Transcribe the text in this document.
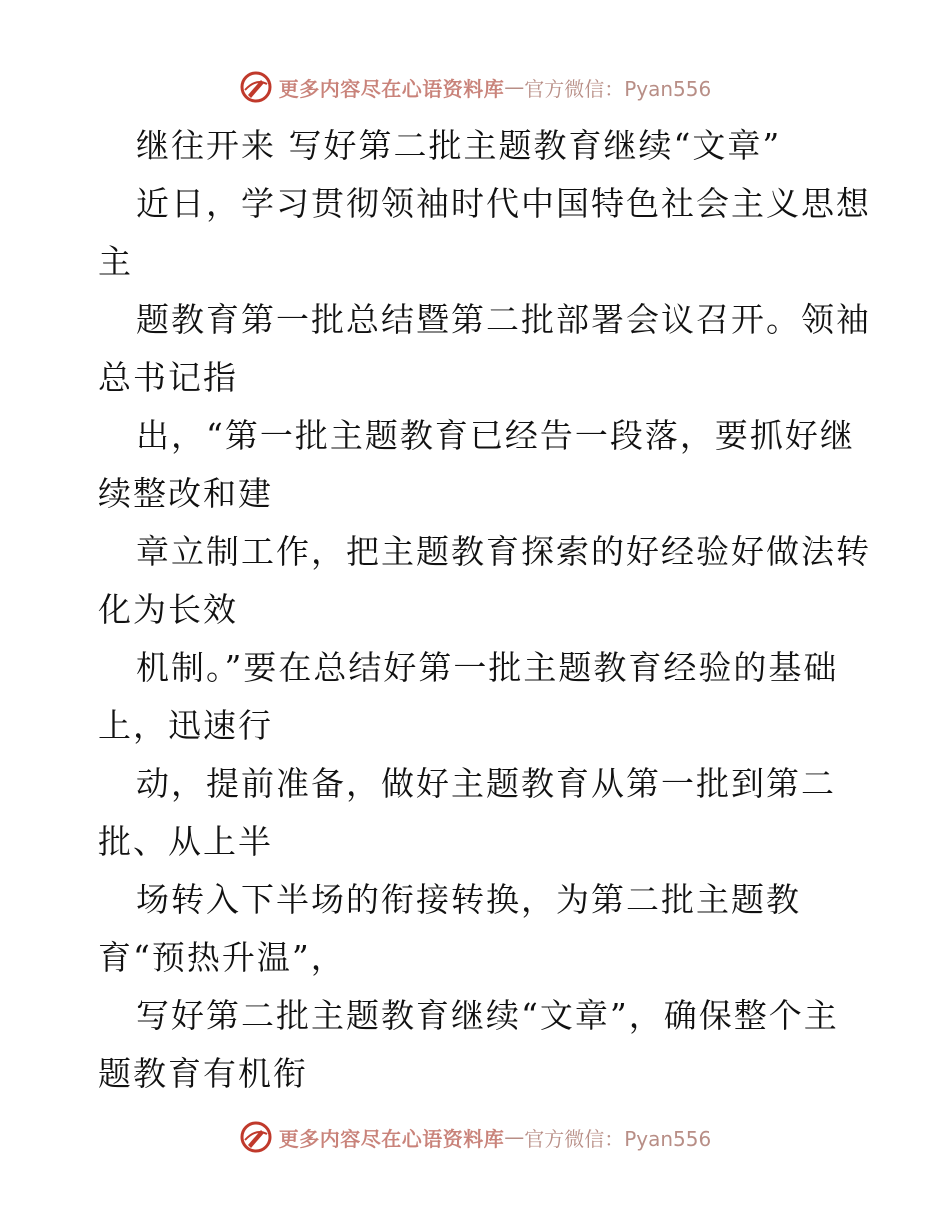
更多内容尽在心语资料库 — 官方微信：Pyan556
继往开来 写好第二批主题教育继续“文章”
近日，学习贯彻领袖时代中国特色社会主义思想
主
题教育第一批总结暨第二批部署会议召开。领袖
总书记指
出，“第一批主题教育已经告一段落，要抓好继
续整改和建
章立制工作，把主题教育探索的好经验好做法转
化为长效
机制。”要在总结好第一批主题教育经验的基础
上，迅速行
动，提前准备，做好主题教育从第一批到第二
批、从上半
场转入下半场的衔接转换，为第二批主题教
育“预热升温”，
写好第二批主题教育继续“文章”，确保整个主
题教育有机衔
更多内容尽在心语资料库 — 官方微信：Pyan556
